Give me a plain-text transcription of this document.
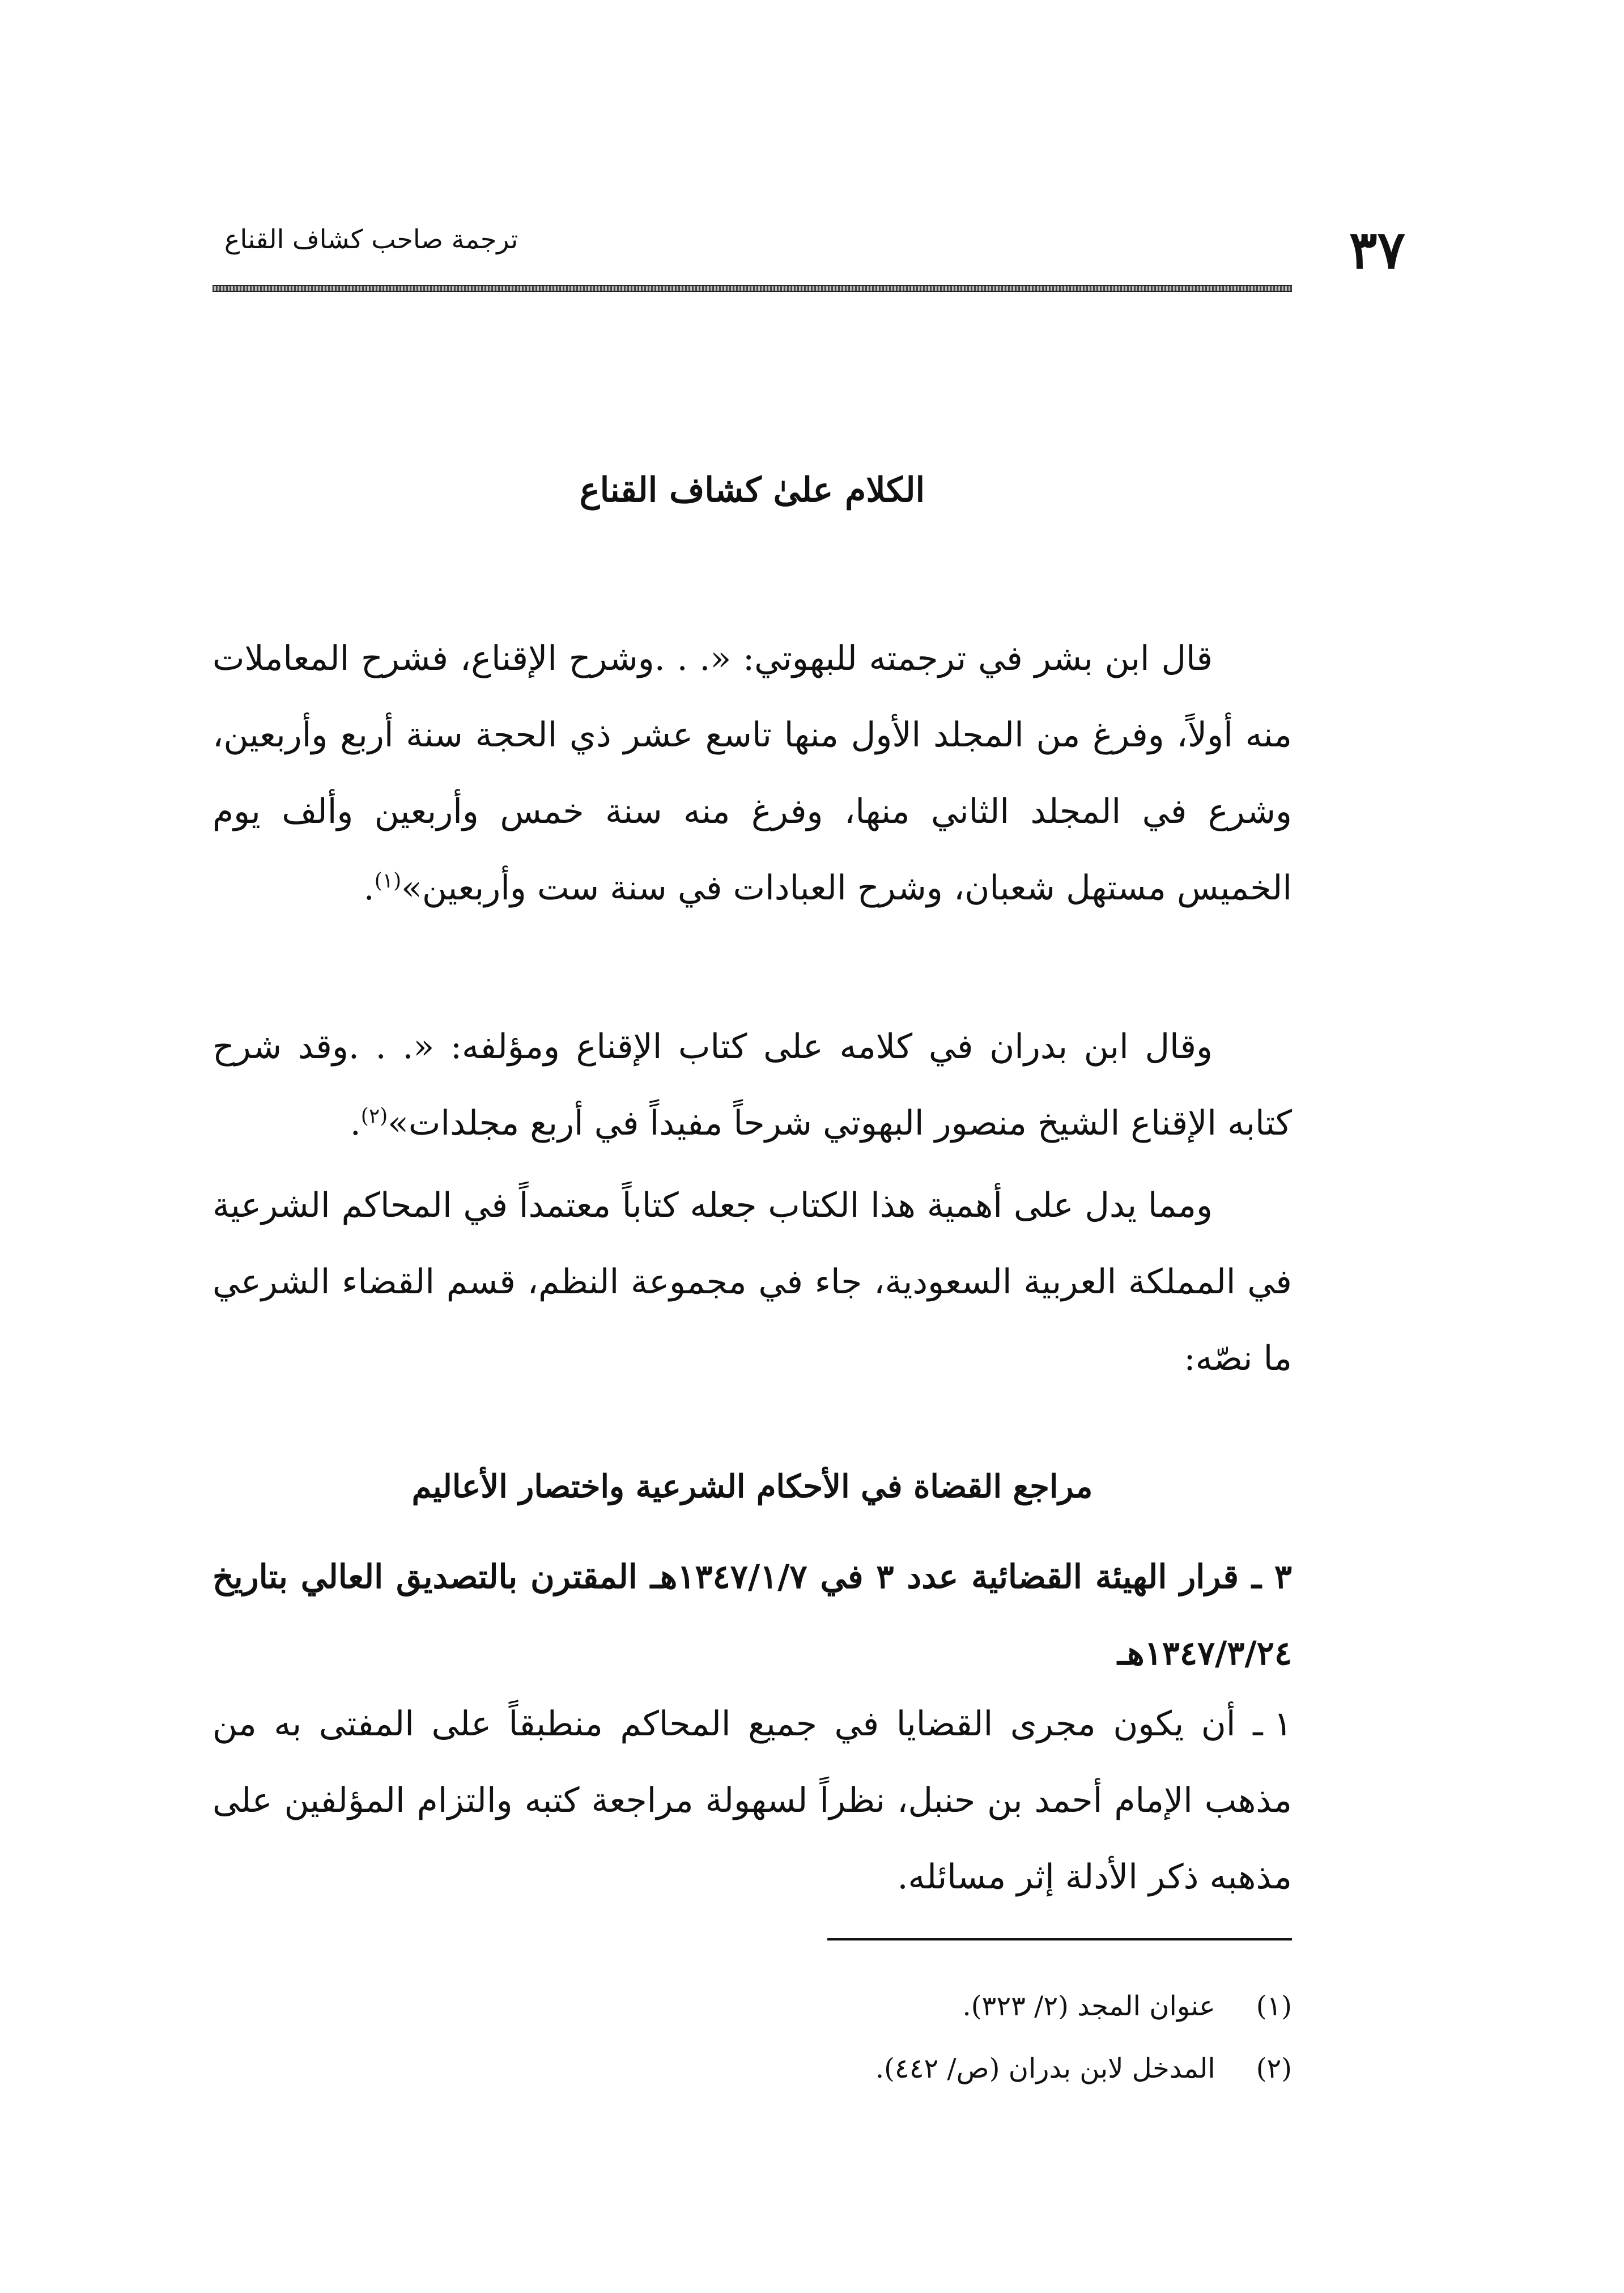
٣٧
ترجمة صاحب كشاف القناع
الكلام علىٰ كشاف القناع

قال ابن بشر في ترجمته للبهوتي: «. . .وشرح الإقناع، فشرح المعاملات منه أولاً، وفرغ من المجلد الأول منها تاسع عشر ذي الحجة سنة أربع وأربعين، وشرع في المجلد الثاني منها، وفرغ منه سنة خمس وأربعين وألف يوم الخميس مستهل شعبان، وشرح العبادات في سنة ست وأربعين»$^{(١)}$.

وقال ابن بدران في كلامه على كتاب الإقناع ومؤلفه: «. . .وقد شرح كتابه الإقناع الشيخ منصور البهوتي شرحاً مفيداً في أربع مجلدات»$^{(٢)}$.

ومما يدل على أهمية هذا الكتاب جعله كتاباً معتمداً في المحاكم الشرعية في المملكة العربية السعودية، جاء في مجموعة النظم، قسم القضاء الشرعي ما نصّه:

مراجع القضاة في الأحكام الشرعية واختصار الأعاليم
٣ ـ قرار الهيئة القضائية عدد ٣ في ١٣٤٧/١/٧هـ المقترن بالتصديق العالي بتاريخ ١٣٤٧/٣/٢٤هـ
١ ـ أن يكون مجرى القضايا في جميع المحاكم منطبقاً على المفتى به من مذهب الإمام أحمد بن حنبل، نظراً لسهولة مراجعة كتبه والتزام المؤلفين على مذهبه ذكر الأدلة إثر مسائله.
(١) عنوان المجد (٢/ ٣٢٣).
(٢) المدخل لابن بدران (ص/ ٤٤٢).
